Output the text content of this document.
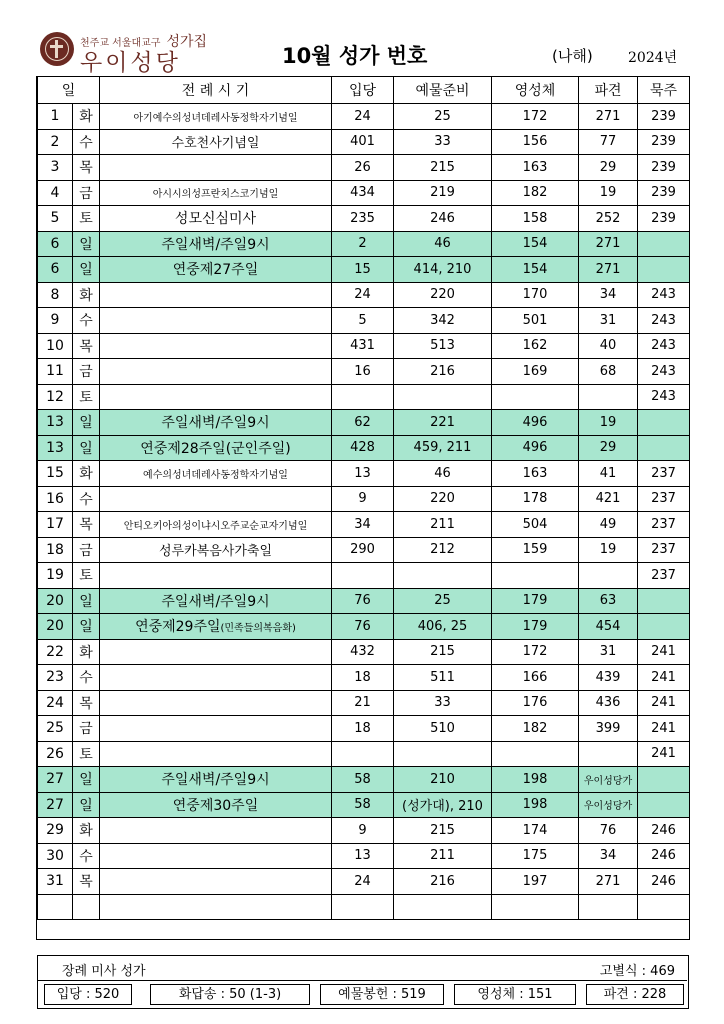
천주교 서울대교구 성가집
우이성당	10월 성가 번호	(나해)	2024년
일		전 례 시 기	입당	예물준비	영성체	파견	묵주
1	화	아기예수의성녀데레사동정학자기념일	24	25	172	271	239
2	수	수호천사기념일	401	33	156	77	239
3	목		26	215	163	29	239
4	금	아시시의성프란치스코기념일	434	219	182	19	239
5	토	성모신심미사	235	246	158	252	239
6	일	주일새벽/주일9시	2	46	154	271	
6	일	연중제27주일	15	414, 210	154	271	
8	화		24	220	170	34	243
9	수		5	342	501	31	243
10	목		431	513	162	40	243
11	금		16	216	169	68	243
12	토						243
13	일	주일새벽/주일9시	62	221	496	19	
13	일	연중제28주일(군인주일)	428	459, 211	496	29	
15	화	예수의성녀데레사동정학자기념일	13	46	163	41	237
16	수		9	220	178	421	237
17	목	안티오키아의성이냐시오주교순교자기념일	34	211	504	49	237
18	금	성루카복음사가축일	290	212	159	19	237
19	토						237
20	일	주일새벽/주일9시	76	25	179	63	
20	일	연중제29주일(민족들의복음화)	76	406, 25	179	454	
22	화		432	215	172	31	241
23	수		18	511	166	439	241
24	목		21	33	176	436	241
25	금		18	510	182	399	241
26	토						241
27	일	주일새벽/주일9시	58	210	198	우이성당가	
27	일	연중제30주일	58	(성가대), 210	198	우이성당가	
29	화		9	215	174	76	246
30	수		13	211	175	34	246
31	목		24	216	197	271	246

장례 미사 성가	고별식 : 469
입당 : 520	화답송 : 50 (1-3)	예물봉헌 : 519	영성체 : 151	파견 : 228
